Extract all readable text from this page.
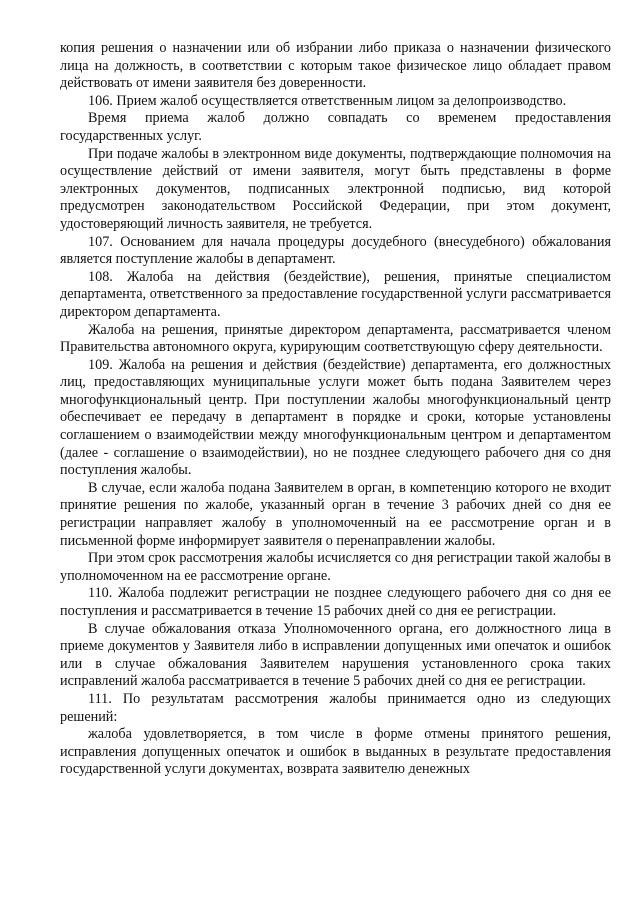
копия решения о назначении или об избрании либо приказа о назначении физического лица на должность, в соответствии с которым такое физическое лицо обладает правом действовать от имени заявителя без доверенности.

106. Прием жалоб осуществляется ответственным лицом за делопроизводство.

Время приема жалоб должно совпадать со временем предоставления государственных услуг.

При подаче жалобы в электронном виде документы, подтверждающие полномочия на осуществление действий от имени заявителя, могут быть представлены в форме электронных документов, подписанных электронной подписью, вид которой предусмотрен законодательством Российской Федерации, при этом документ, удостоверяющий личность заявителя, не требуется.

107. Основанием для начала процедуры досудебного (внесудебного) обжалования является поступление жалобы в департамент.

108. Жалоба на действия (бездействие), решения, принятые специалистом департамента, ответственного за предоставление государственной услуги рассматривается директором департамента.

Жалоба на решения, принятые директором департамента, рассматривается членом Правительства автономного округа, курирующим соответствующую сферу деятельности.

109. Жалоба на решения и действия (бездействие) департамента, его должностных лиц, предоставляющих муниципальные услуги может быть подана Заявителем через многофункциональный центр. При поступлении жалобы многофункциональный центр обеспечивает ее передачу в департамент в порядке и сроки, которые установлены соглашением о взаимодействии между многофункциональным центром и департаментом (далее - соглашение о взаимодействии), но не позднее следующего рабочего дня со дня поступления жалобы.

В случае, если жалоба подана Заявителем в орган, в компетенцию которого не входит принятие решения по жалобе, указанный орган в течение 3 рабочих дней со дня ее регистрации направляет жалобу в уполномоченный на ее рассмотрение орган и в письменной форме информирует заявителя о перенаправлении жалобы.

При этом срок рассмотрения жалобы исчисляется со дня регистрации такой жалобы в уполномоченном на ее рассмотрение органе.

110. Жалоба подлежит регистрации не позднее следующего рабочего дня со дня ее поступления и рассматривается в течение 15 рабочих дней со дня ее регистрации.

В случае обжалования отказа Уполномоченного органа, его должностного лица в приеме документов у Заявителя либо в исправлении допущенных ими опечаток и ошибок или в случае обжалования Заявителем нарушения установленного срока таких исправлений жалоба рассматривается в течение 5 рабочих дней со дня ее регистрации.

111. По результатам рассмотрения жалобы принимается одно из следующих решений:

жалоба удовлетворяется, в том числе в форме отмены принятого решения, исправления допущенных опечаток и ошибок в выданных в результате предоставления государственной услуги документах, возврата заявителю денежных
